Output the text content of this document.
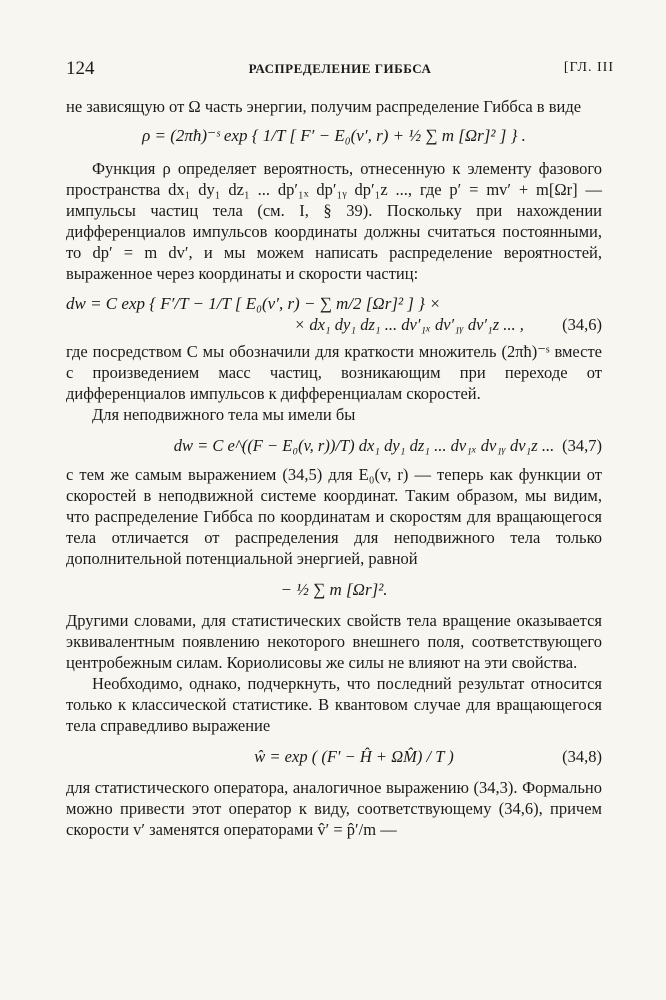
124	РАСПРЕДЕЛЕНИЕ ГИББСА	[ГЛ. III

не зависящую от Ω часть энергии, получим распределение Гиббса в виде

ρ = (2πħ)⁻ˢ exp { 1/T [ F′ − E₀(v′, r) + ½ ∑ m [Ωr]² ] } .

Функция ρ определяет вероятность, отнесенную к элементу фазового пространства dx₁ dy₁ dz₁ ... dp′₁ₓ dp′₁ᵧ dp′₁z ..., где p′ = mv′ + m[Ωr] — импульсы частиц тела (см. I, § 39). Поскольку при нахождении дифференциалов импульсов координаты должны считаться постоянными, то dp′ = m dv′, и мы можем написать распределение вероятностей, выраженное через координаты и скорости частиц:

dw = C exp { F′/T − 1/T [ E₀(v′, r) − ∑ m/2 [Ωr]² ] } ×
× dx₁ dy₁ dz₁ ... dv′₁ₓ dv′₁ᵧ dv′₁z ... , (34,6)

где посредством C мы обозначили для краткости множитель (2πħ)⁻ˢ вместе с произведением масс частиц, возникающим при переходе от дифференциалов импульсов к дифференциалам скоростей.

Для неподвижного тела мы имели бы

dw = C e^((F − E₀(v, r))/T) dx₁ dy₁ dz₁ ... dv₁ₓ dv₁ᵧ dv₁z ... (34,7)

с тем же самым выражением (34,5) для E₀(v, r) — теперь как функции от скоростей в неподвижной системе координат. Таким образом, мы видим, что распределение Гиббса по координатам и скоростям для вращающегося тела отличается от распределения для неподвижного тела только дополнительной потенциальной энергией, равной

− ½ ∑ m [Ωr]².

Другими словами, для статистических свойств тела вращение оказывается эквивалентным появлению некоторого внешнего поля, соответствующего центробежным силам. Кориолисовы же силы не влияют на эти свойства.

Необходимо, однако, подчеркнуть, что последний результат относится только к классической статистике. В квантовом случае для вращающегося тела справедливо выражение

ŵ = exp ( (F′ − Ĥ + ΩM̂) / T )	(34,8)

для статистического оператора, аналогичное выражению (34,3). Формально можно привести этот оператор к виду, соответствующему (34,6), причем скорости v′ заменятся операторами v̂′ = p̂′/m —
